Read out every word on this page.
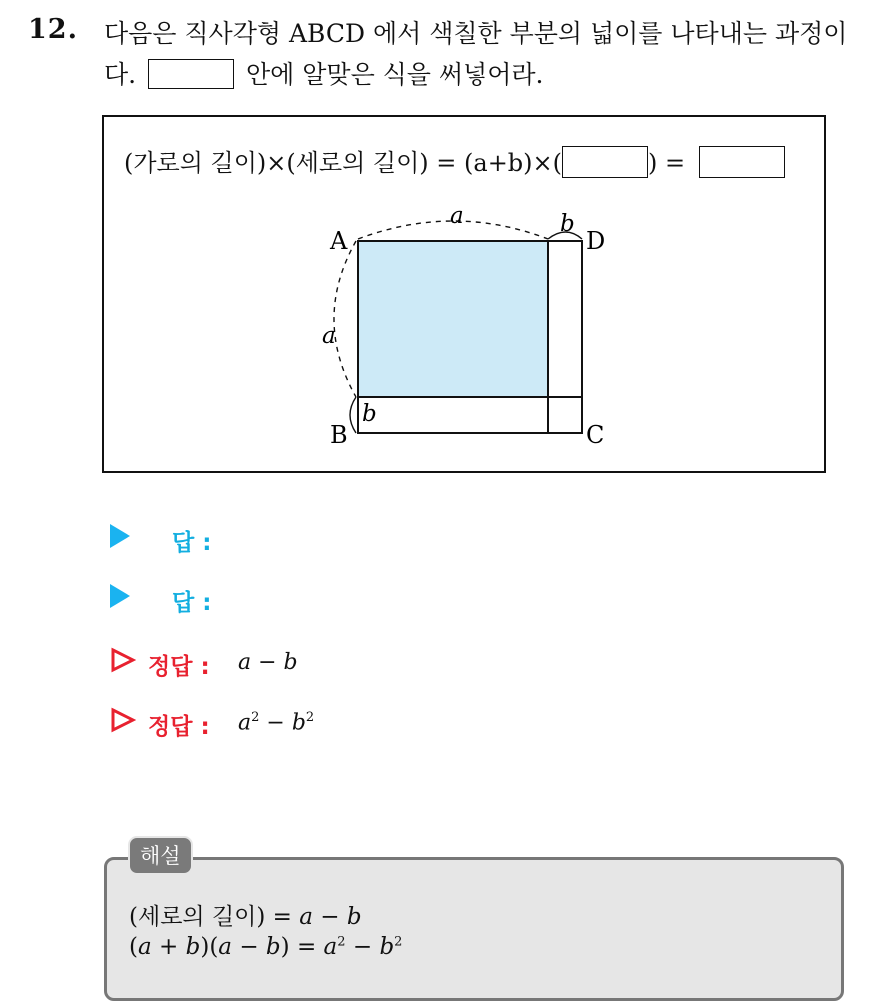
12. 다음은 직사각형 ABCD 에서 색칠한 부분의 넓이를 나타내는 과정이
다.	안에 알맞은 식을 써넣어라.
(가로의 길이)×(세로의 길이) = (a+b)×(	) =
A	D
B	C
a	b
a
b
답 :
답 :
정답 : a − b
정답 : $a^2 - b^2$
(세로의 길이) = a − b
$(a + b)(a - b) = a^2 - b^2$
해설
